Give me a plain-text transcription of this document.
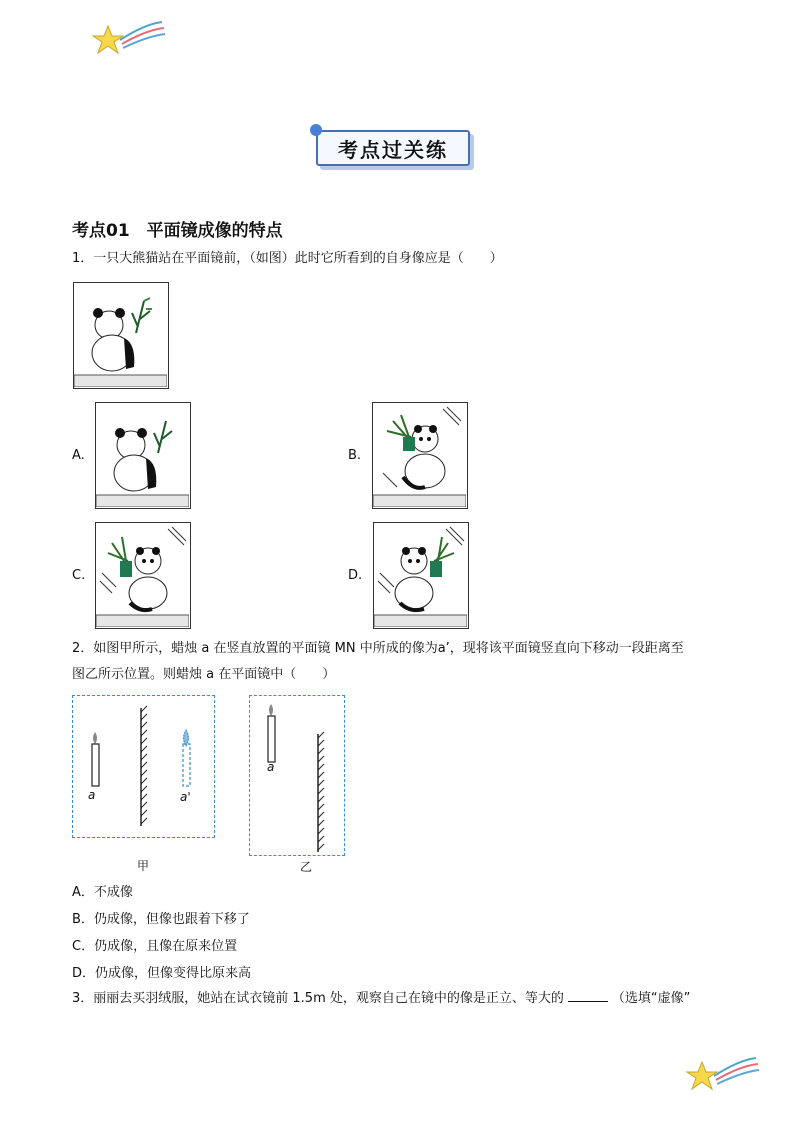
考点过关练
考点01　平面镜成像的特点
1．一只大熊猫站在平面镜前，（如图）此时它所看到的自身像应是（　　）
A.	B.
C.	D.
2．如图甲所示，蜡烛 a 在竖直放置的平面镜 MN 中所成的像为a’，现将该平面镜竖直向下移动一段距离至
图乙所示位置。则蜡烛 a 在平面镜中（　　）
a	a'
甲
a
乙
A．不成像
B．仍成像，但像也跟着下移了
C．仍成像，且像在原来位置
D．仍成像，但像变得比原来高
3．丽丽去买羽绒服，她站在试衣镜前 1.5m 处，观察自己在镜中的像是正立、等大的	（选填“虚像”
